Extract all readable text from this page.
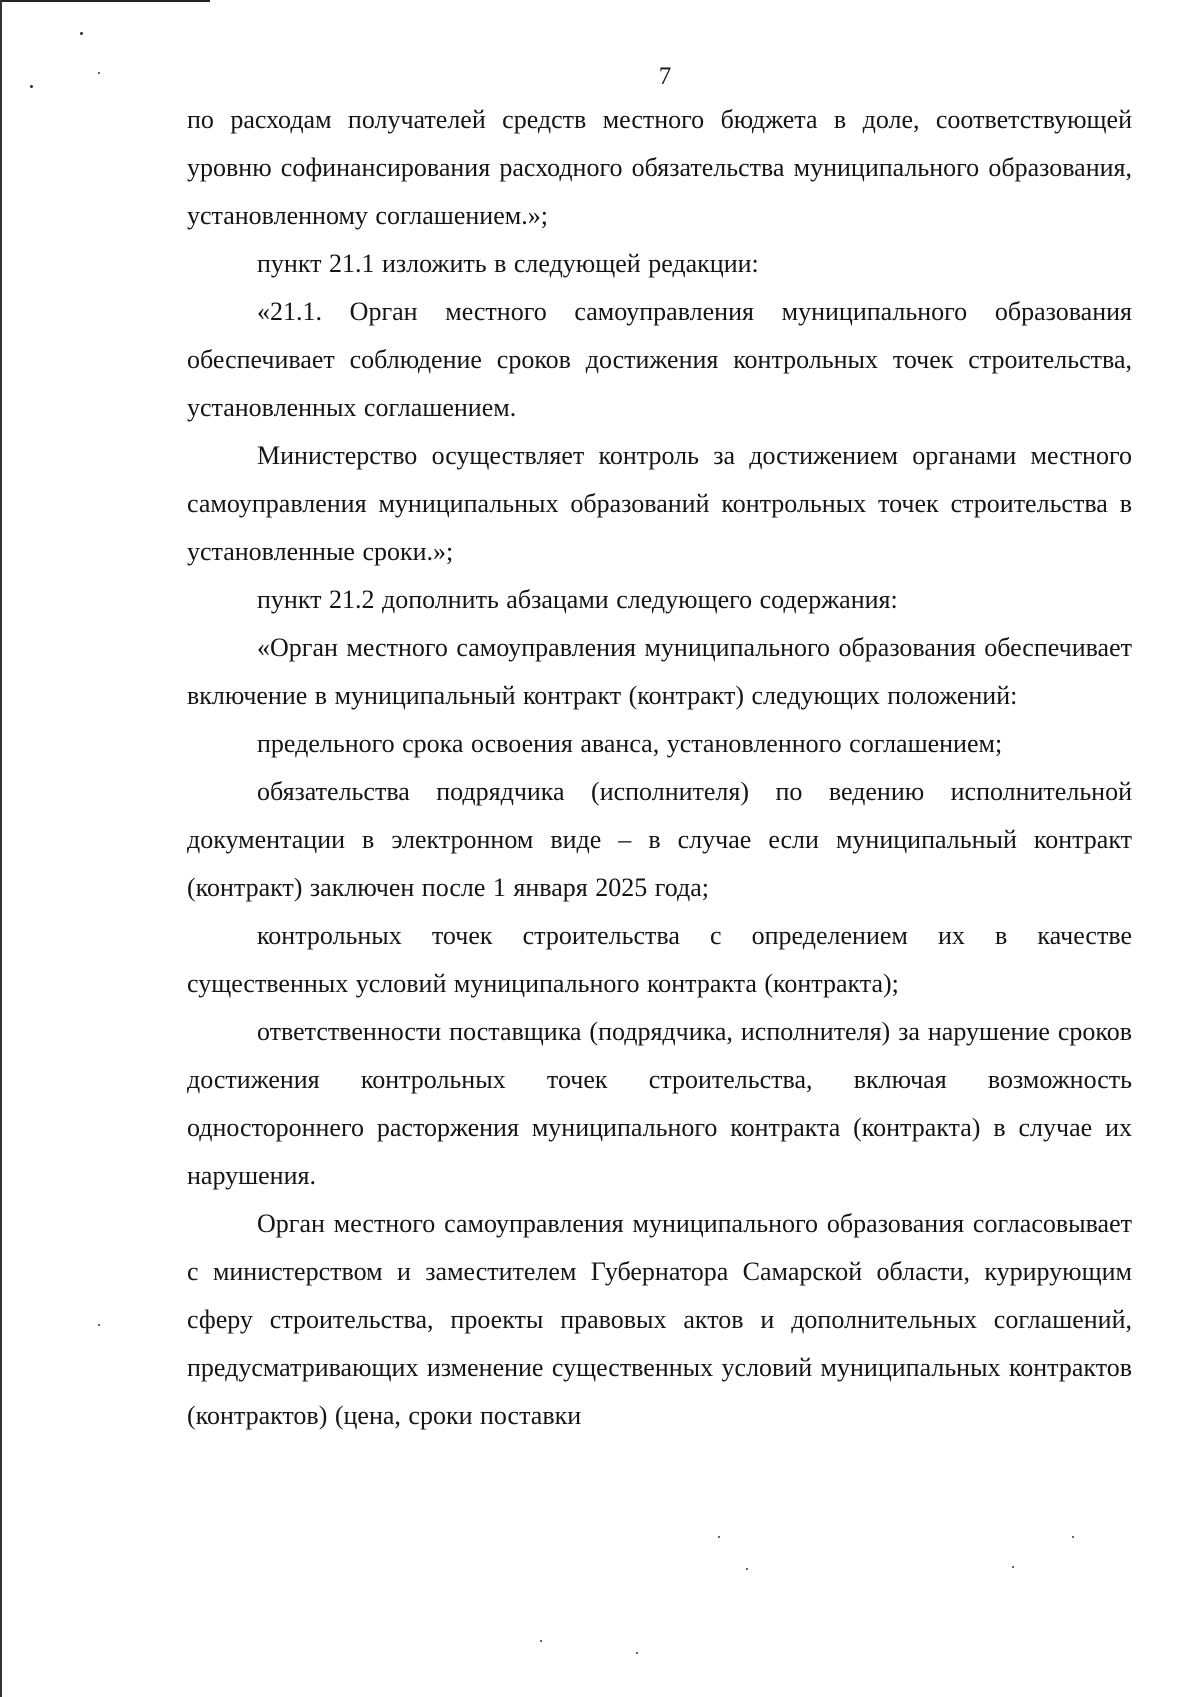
7

по расходам получателей средств местного бюджета в доле, соответствующей уровню софинансирования расходного обязательства муниципального образования, установленному соглашением.»;

пункт 21.1 изложить в следующей редакции:

«21.1. Орган местного самоуправления муниципального образования обеспечивает соблюдение сроков достижения контрольных точек строительства, установленных соглашением.

Министерство осуществляет контроль за достижением органами местного самоуправления муниципальных образований контрольных точек строительства в установленные сроки.»;

пункт 21.2 дополнить абзацами следующего содержания:

«Орган местного самоуправления муниципального образования обеспечивает включение в муниципальный контракт (контракт) следующих положений:

предельного срока освоения аванса, установленного соглашением;

обязательства подрядчика (исполнителя) по ведению исполнительной документации в электронном виде – в случае если муниципальный контракт (контракт) заключен после 1 января 2025 года;

контрольных точек строительства с определением их в качестве существенных условий муниципального контракта (контракта);

ответственности поставщика (подрядчика, исполнителя) за нарушение сроков достижения контрольных точек строительства, включая возможность одностороннего расторжения муниципального контракта (контракта) в случае их нарушения.

Орган местного самоуправления муниципального образования согласовывает с министерством и заместителем Губернатора Самарской области, курирующим сферу строительства, проекты правовых актов и дополнительных соглашений, предусматривающих изменение существенных условий муниципальных контрактов (контрактов) (цена, сроки поставки
